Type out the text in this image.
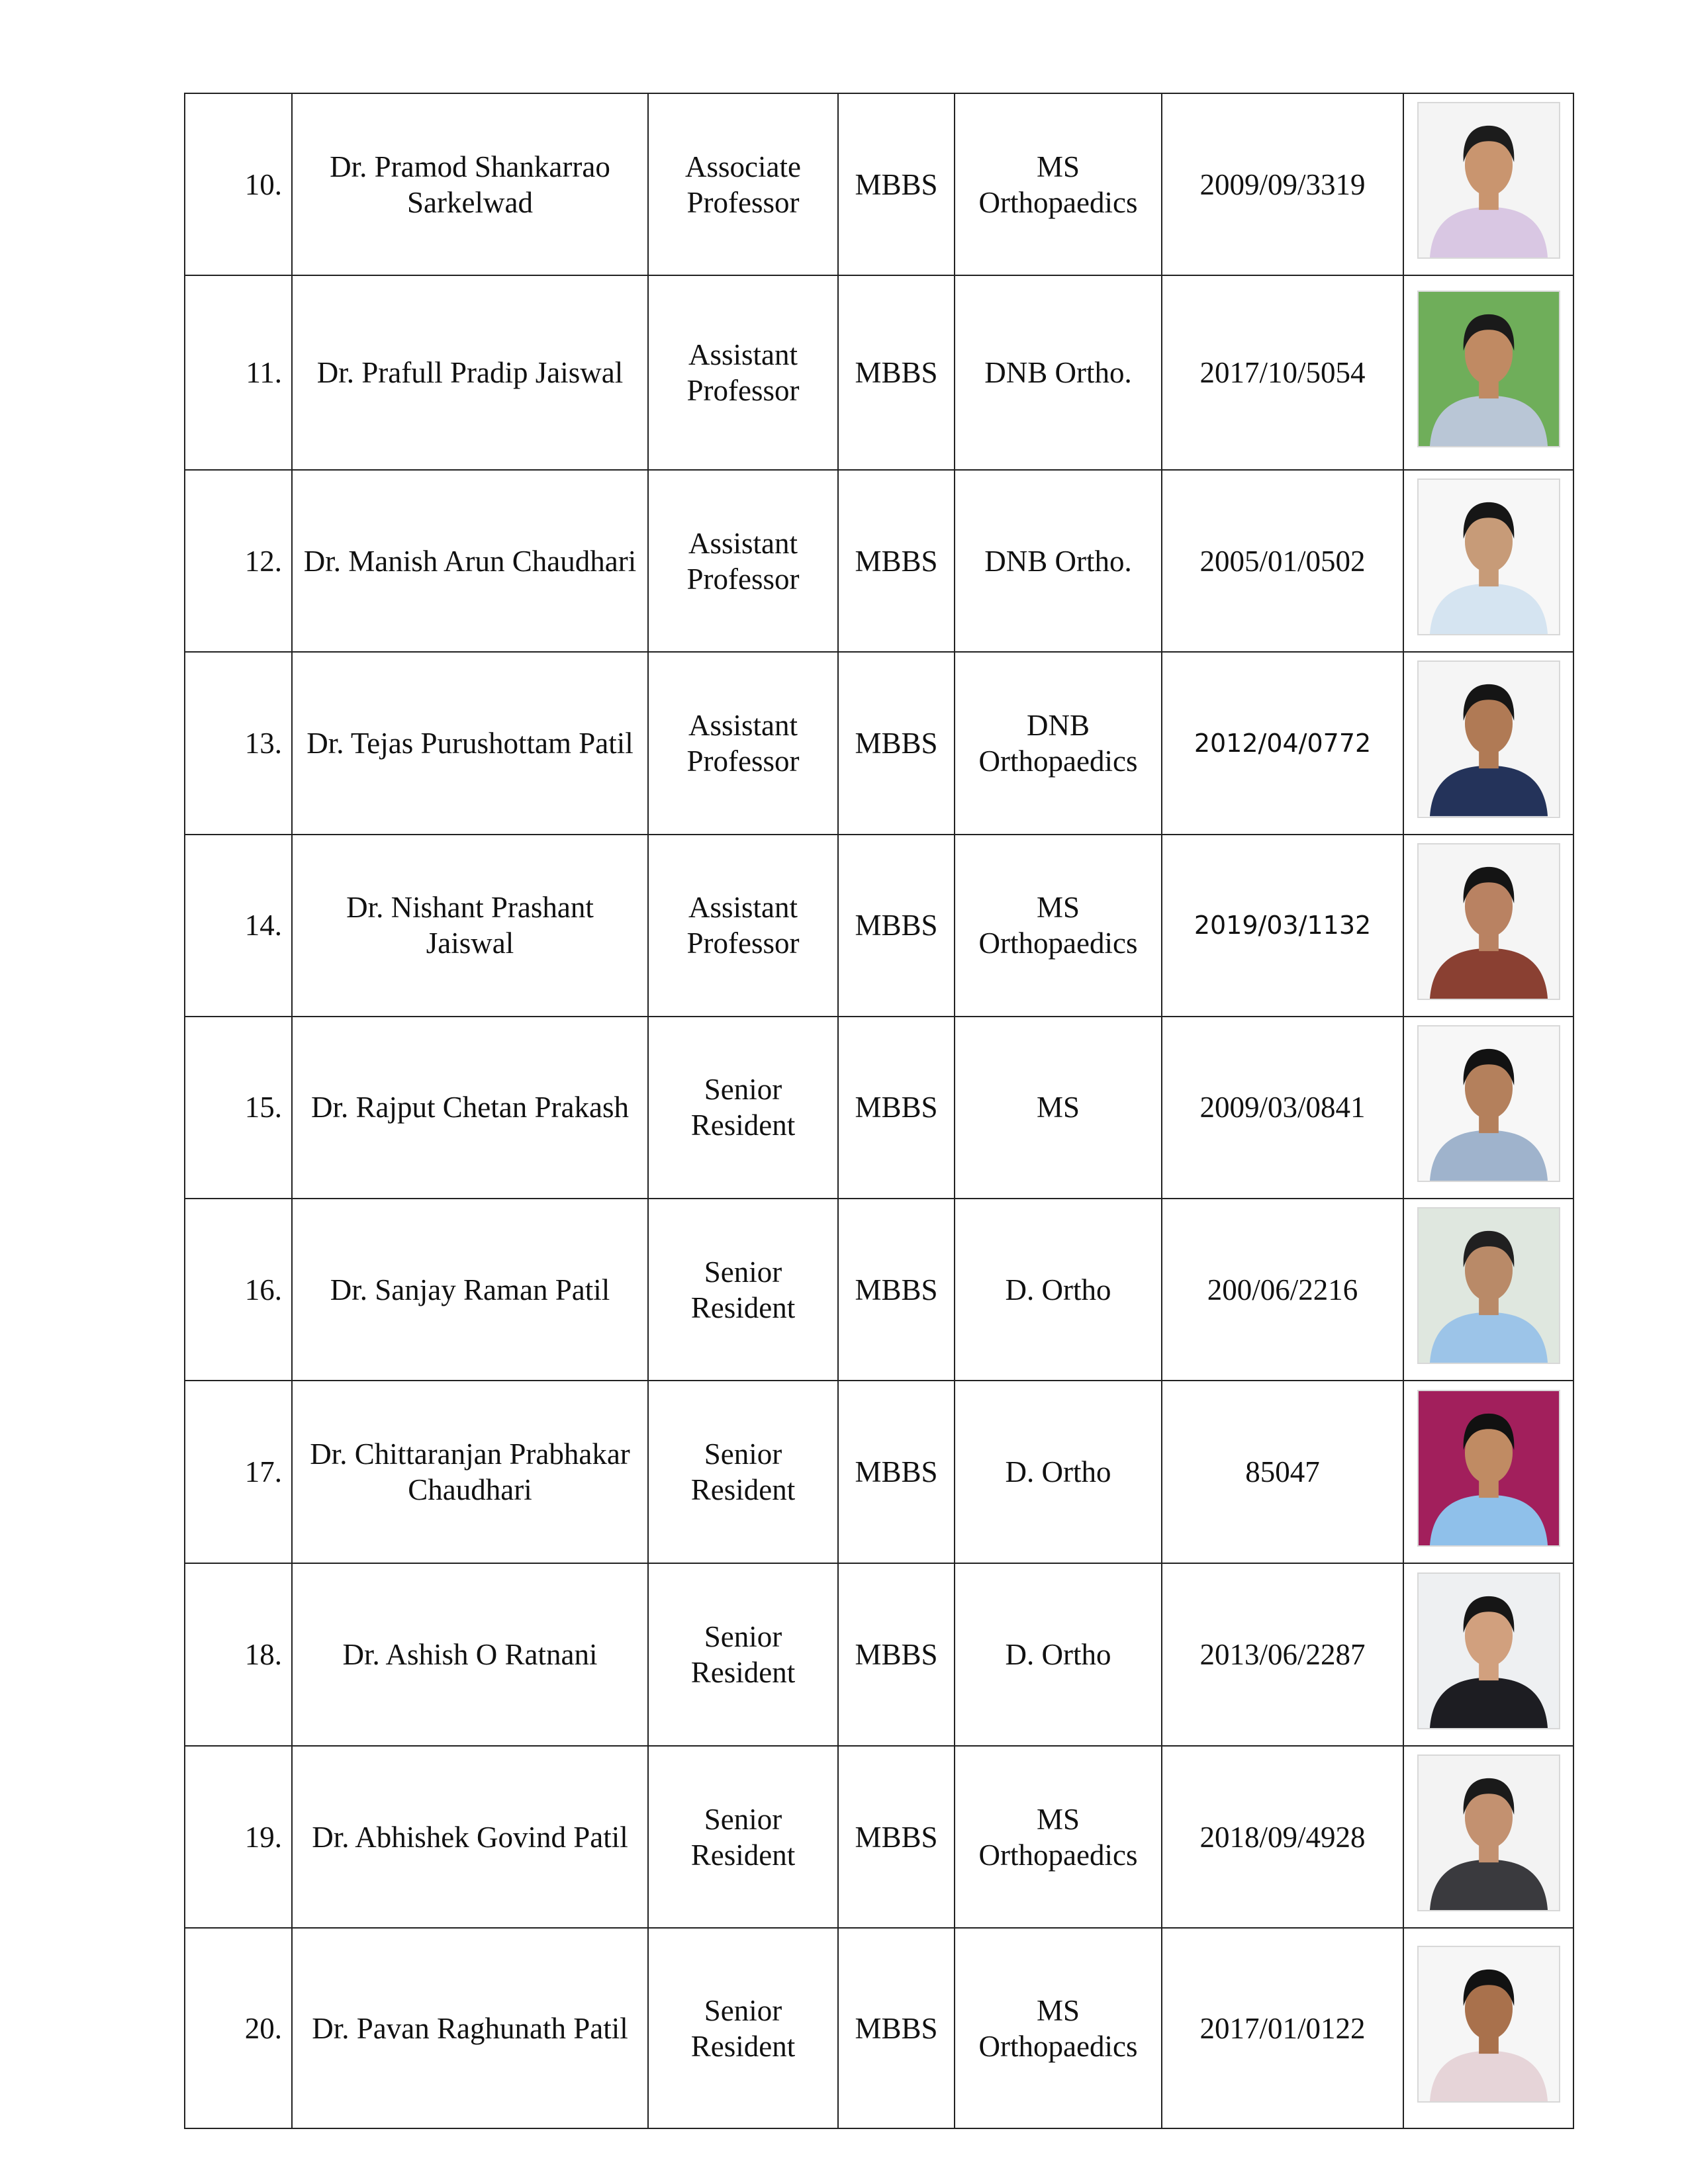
10.	Dr. Pramod Shankarrao Sarkelwad	Associate Professor	MBBS	MS Orthopaedics	2009/09/3319	

11.	Dr. Prafull Pradip Jaiswal	Assistant Professor	MBBS	DNB Ortho.	2017/10/5054	

12.	Dr. Manish Arun Chaudhari	Assistant Professor	MBBS	DNB Ortho.	2005/01/0502	

13.	Dr. Tejas Purushottam Patil	Assistant Professor	MBBS	DNB Orthopaedics	2012/04/0772	

14.	Dr. Nishant Prashant Jaiswal	Assistant Professor	MBBS	MS Orthopaedics	2019/03/1132	

15.	Dr. Rajput Chetan Prakash	Senior Resident	MBBS	MS	2009/03/0841	

16.	Dr. Sanjay Raman Patil	Senior Resident	MBBS	D. Ortho	200/06/2216	

17.	Dr. Chittaranjan Prabhakar Chaudhari	Senior Resident	MBBS	D. Ortho	85047	

18.	Dr. Ashish O Ratnani	Senior Resident	MBBS	D. Ortho	2013/06/2287	

19.	Dr. Abhishek Govind Patil	Senior Resident	MBBS	MS Orthopaedics	2018/09/4928	

20.	Dr. Pavan Raghunath Patil	Senior Resident	MBBS	MS Orthopaedics	2017/01/0122	
